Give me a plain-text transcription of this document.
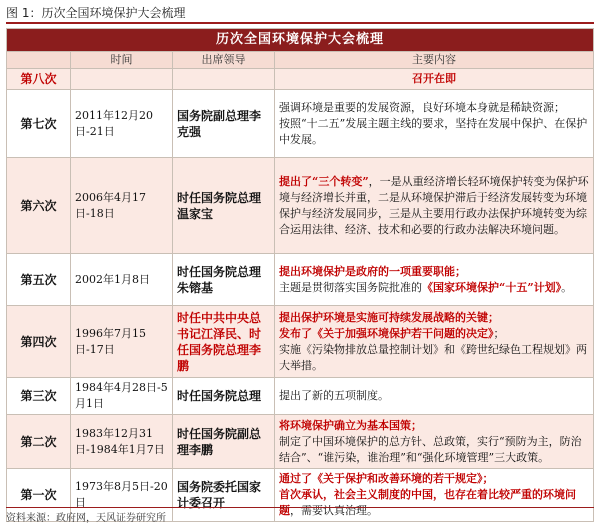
图 1：历次全国环境保护大会梳理
历次全国环境保护大会梳理			
	时间	出席领导	主要内容
第八次			召开在即
第七次	2011年12月20日-21日	国务院副总理李克强	强调环境是重要的发展资源，良好环境本身就是稀缺资源；

按照“十二五”发展主题主线的要求，坚持在发展中保护、在保护中发展。

第六次	2006年4月17日-18日	时任国务院总理温家宝	提出了“三个转变”，一是从重经济增长轻环境保护转变为保护环境与经济增长并重，二是从环境保护滞后于经济发展转变为环境保护与经济发展同步，三是从主要用行政办法保护环境转变为综合运用法律、经济、技术和必要的行政办法解决环境问题。

第五次	2002年1月8日	时任国务院总理朱镕基	提出环境保护是政府的一项重要职能；

主题是贯彻落实国务院批准的《国家环境保护“十五”计划》。

第四次	1996年7月15日-17日	时任中共中央总书记江泽民、时任国务院总理李鹏	提出保护环境是实施可持续发展战略的关键；

发布了《关于加强环境保护若干问题的决定》；

实施《污染物排放总量控制计划》和《跨世纪绿色工程规划》两大举措。

第三次	1984年4月28日-5月1日	时任国务院总理	提出了新的五项制度。

第二次	1983年12月31日-1984年1月7日	时任国务院副总理李鹏	将环境保护确立为基本国策；

制定了中国环境保护的总方针、总政策，实行“预防为主，防治结合”、“谁污染，谁治理”和“强化环境管理”三大政策。

第一次	1973年8月5日-20日	国务院委托国家计委召开	通过了《关于保护和改善环境的若干规定》；

首次承认，社会主义制度的中国，也存在着比较严重的环境问题，需要认真治理。

资料来源：政府网，天风证券研究所
